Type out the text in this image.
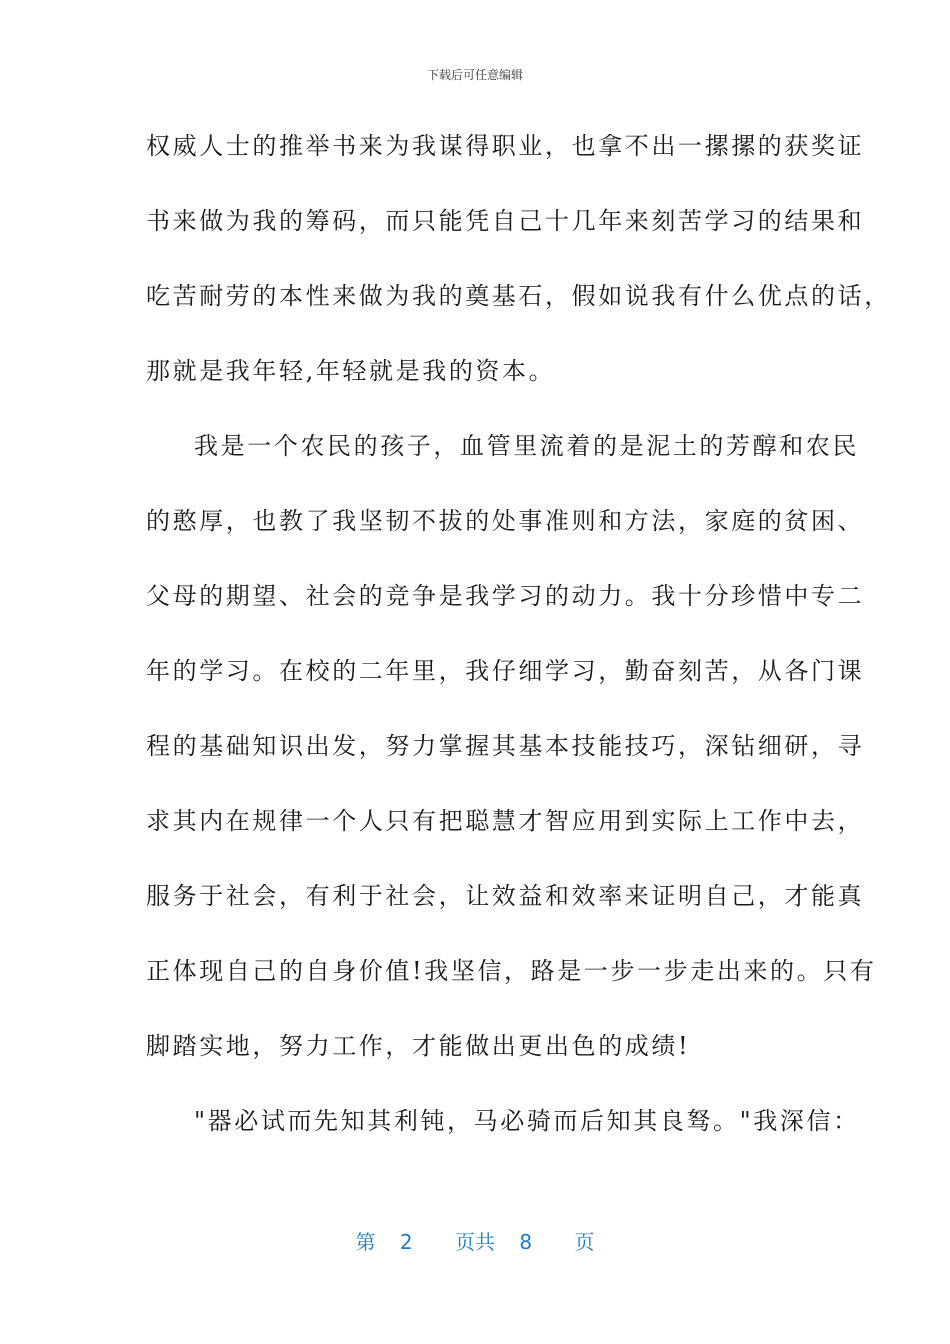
下载后可任意编辑
权威人士的推举书来为我谋得职业，也拿不出一摞摞的获奖证
书来做为我的筹码，而只能凭自己十几年来刻苦学习的结果和
吃苦耐劳的本性来做为我的奠基石，假如说我有什么优点的话，
那就是我年轻,年轻就是我的资本。
我是一个农民的孩子，血管里流着的是泥土的芳醇和农民
的憨厚，也教了我坚韧不拔的处事准则和方法，家庭的贫困、
父母的期望、社会的竞争是我学习的动力。我十分珍惜中专二
年的学习。在校的二年里，我仔细学习，勤奋刻苦，从各门课
程的基础知识出发，努力掌握其基本技能技巧，深钻细研，寻
求其内在规律一个人只有把聪慧才智应用到实际上工作中去，
服务于社会，有利于社会，让效益和效率来证明自己，才能真
正体现自己的自身价值!我坚信，路是一步一步走出来的。只有
脚踏实地，努力工作，才能做出更出色的成绩!
"器必试而先知其利钝，马必骑而后知其良驽。"我深信：
第 2 页共 8 页
